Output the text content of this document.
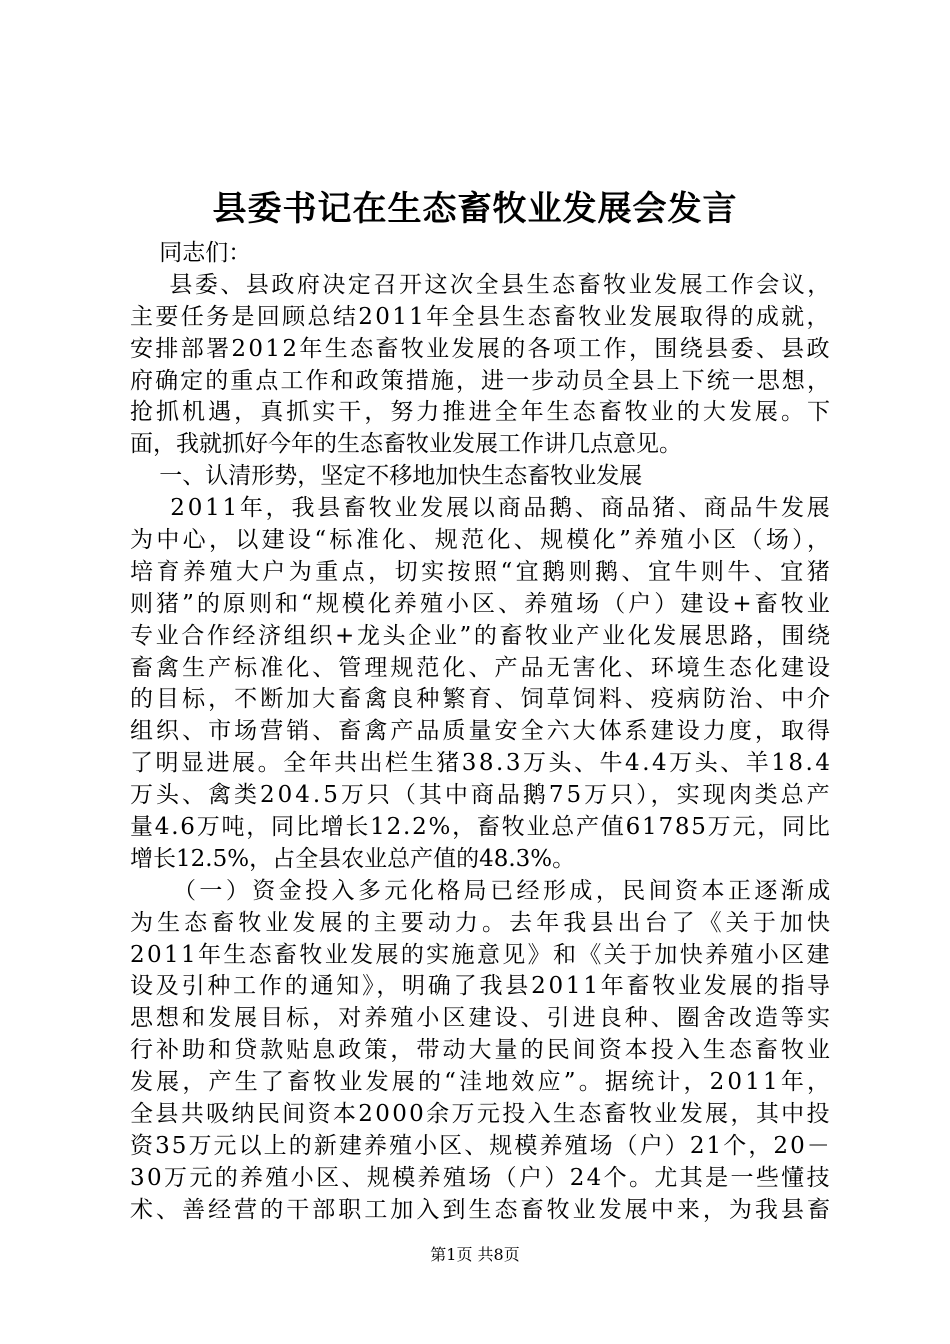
县委书记在生态畜牧业发展会发言
同志们：
县委、县政府决定召开这次全县生态畜牧业发展工作会议，
主要任务是回顾总结2011年全县生态畜牧业发展取得的成就，
安排部署2012年生态畜牧业发展的各项工作，围绕县委、县政
府确定的重点工作和政策措施，进一步动员全县上下统一思想，
抢抓机遇，真抓实干，努力推进全年生态畜牧业的大发展。下
面，我就抓好今年的生态畜牧业发展工作讲几点意见。
一、认清形势，坚定不移地加快生态畜牧业发展
2011年，我县畜牧业发展以商品鹅、商品猪、商品牛发展
为中心，以建设“标准化、规范化、规模化”养殖小区（场），
培育养殖大户为重点，切实按照“宜鹅则鹅、宜牛则牛、宜猪
则猪”的原则和“规模化养殖小区、养殖场（户）建设+畜牧业
专业合作经济组织+龙头企业”的畜牧业产业化发展思路，围绕
畜禽生产标准化、管理规范化、产品无害化、环境生态化建设
的目标，不断加大畜禽良种繁育、饲草饲料、疫病防治、中介
组织、市场营销、畜禽产品质量安全六大体系建设力度，取得
了明显进展。全年共出栏生猪38.3万头、牛4.4万头、羊18.4
万头、禽类204.5万只（其中商品鹅75万只），实现肉类总产
量4.6万吨，同比增长12.2%，畜牧业总产值61785万元，同比
增长12.5%，占全县农业总产值的48.3%。
（一）资金投入多元化格局已经形成，民间资本正逐渐成
为生态畜牧业发展的主要动力。去年我县出台了《关于加快
2011年生态畜牧业发展的实施意见》和《关于加快养殖小区建
设及引种工作的通知》，明确了我县2011年畜牧业发展的指导
思想和发展目标，对养殖小区建设、引进良种、圈舍改造等实
行补助和贷款贴息政策，带动大量的民间资本投入生态畜牧业
发展，产生了畜牧业发展的“洼地效应”。据统计，2011年，
全县共吸纳民间资本2000余万元投入生态畜牧业发展，其中投
资35万元以上的新建养殖小区、规模养殖场（户）21个，20－
30万元的养殖小区、规模养殖场（户）24个。尤其是一些懂技
术、善经营的干部职工加入到生态畜牧业发展中来，为我县畜
第1页 共8页
